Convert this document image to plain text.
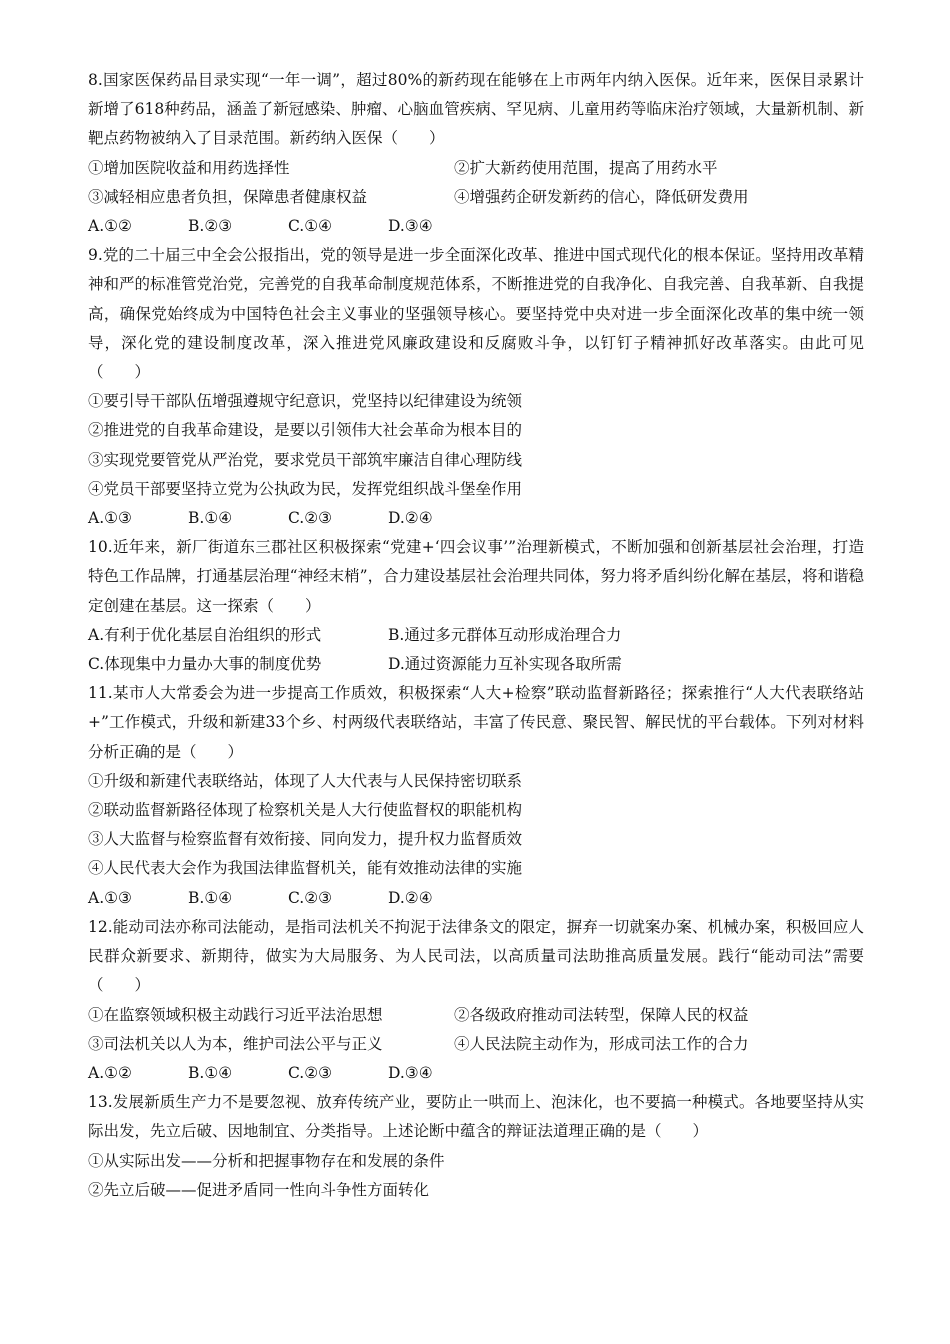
8.国家医保药品目录实现“一年一调”，超过80%的新药现在能够在上市两年内纳入医保。近年来，医保目录累计新增了618种药品，涵盖了新冠感染、肿瘤、心脑血管疾病、罕见病、儿童用药等临床治疗领域，大量新机制、新靶点药物被纳入了目录范围。新药纳入医保（　　）
①增加医院收益和用药选择性	②扩大新药使用范围，提高了用药水平
③减轻相应患者负担，保障患者健康权益	④增强药企研发新药的信心，降低研发费用
A.①②	B.②③	C.①④	D.③④
9.党的二十届三中全会公报指出，党的领导是进一步全面深化改革、推进中国式现代化的根本保证。坚持用改革精神和严的标准管党治党，完善党的自我革命制度规范体系，不断推进党的自我净化、自我完善、自我革新、自我提高，确保党始终成为中国特色社会主义事业的坚强领导核心。要坚持党中央对进一步全面深化改革的集中统一领导，深化党的建设制度改革，深入推进党风廉政建设和反腐败斗争，以钉钉子精神抓好改革落实。由此可见（　　）
①要引导干部队伍增强遵规守纪意识，党坚持以纪律建设为统领
②推进党的自我革命建设，是要以引领伟大社会革命为根本目的
③实现党要管党从严治党，要求党员干部筑牢廉洁自律心理防线
④党员干部要坚持立党为公执政为民，发挥党组织战斗堡垒作用
A.①③	B.①④	C.②③	D.②④
10.近年来，新厂街道东三郡社区积极探索“党建+‘四会议事’”治理新模式，不断加强和创新基层社会治理，打造特色工作品牌，打通基层治理“神经末梢”，合力建设基层社会治理共同体，努力将矛盾纠纷化解在基层，将和谐稳定创建在基层。这一探索（　　）
A.有利于优化基层自治组织的形式	B.通过多元群体互动形成治理合力
C.体现集中力量办大事的制度优势	D.通过资源能力互补实现各取所需
11.某市人大常委会为进一步提高工作质效，积极探索“人大+检察”联动监督新路径；探索推行“人大代表联络站+”工作模式，升级和新建33个乡、村两级代表联络站，丰富了传民意、聚民智、解民忧的平台载体。下列对材料分析正确的是（　　）
①升级和新建代表联络站，体现了人大代表与人民保持密切联系
②联动监督新路径体现了检察机关是人大行使监督权的职能机构
③人大监督与检察监督有效衔接、同向发力，提升权力监督质效
④人民代表大会作为我国法律监督机关，能有效推动法律的实施
A.①③	B.①④	C.②③	D.②④
12.能动司法亦称司法能动，是指司法机关不拘泥于法律条文的限定，摒弃一切就案办案、机械办案，积极回应人民群众新要求、新期待，做实为大局服务、为人民司法，以高质量司法助推高质量发展。践行“能动司法”需要（　　）
①在监察领域积极主动践行习近平法治思想	②各级政府推动司法转型，保障人民的权益
③司法机关以人为本，维护司法公平与正义	④人民法院主动作为，形成司法工作的合力
A.①②	B.①④	C.②③	D.③④
13.发展新质生产力不是要忽视、放弃传统产业，要防止一哄而上、泡沫化，也不要搞一种模式。各地要坚持从实际出发，先立后破、因地制宜、分类指导。上述论断中蕴含的辩证法道理正确的是（　　）
①从实际出发——分析和把握事物存在和发展的条件
②先立后破——促进矛盾同一性向斗争性方面转化
